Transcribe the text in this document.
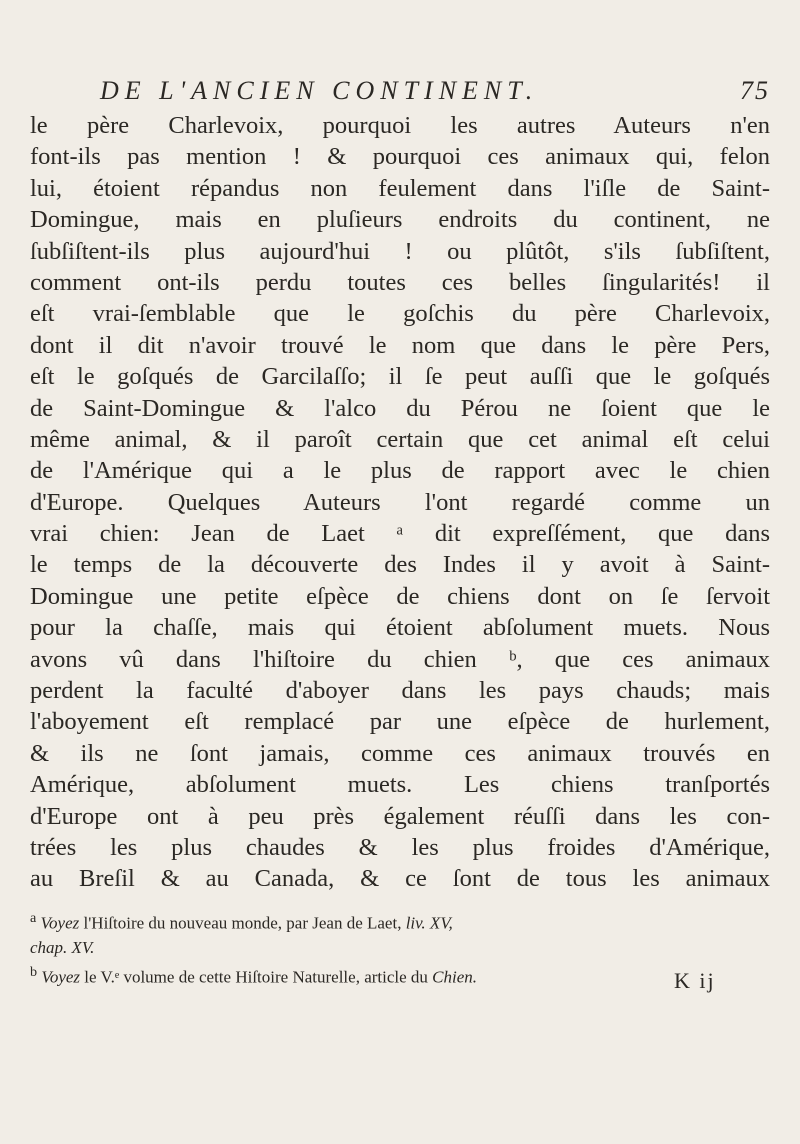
DE L'ANCIEN CONTINENT.	75
le père Charlevoix, pourquoi les autres Auteurs n'en
font-ils pas mention ! & pourquoi ces animaux qui, felon
lui, étoient répandus non feulement dans l'iſle de Saint-
Domingue, mais en pluſieurs endroits du continent, ne
ſubſiſtent-ils plus aujourd'hui ! ou plûtôt, s'ils ſubſiſtent,
comment ont-ils perdu toutes ces belles ſingularités! il
eſt vrai-ſemblable que le goſchis du père Charlevoix,
dont il dit n'avoir trouvé le nom que dans le père Pers,
eſt le goſqués de Garcilaſſo; il ſe peut auſſi que le goſqués
de Saint-Domingue & l'alco du Pérou ne ſoient que le
même animal, & il paroît certain que cet animal eſt celui
de l'Amérique qui a le plus de rapport avec le chien
d'Europe. Quelques Auteurs l'ont regardé comme un
vrai chien: Jean de Laet ᵃ dit expreſſément, que dans
le temps de la découverte des Indes il y avoit à Saint-
Domingue une petite eſpèce de chiens dont on ſe ſervoit
pour la chaſſe, mais qui étoient abſolument muets. Nous
avons vû dans l'hiſtoire du chien ᵇ, que ces animaux
perdent la faculté d'aboyer dans les pays chauds; mais
l'aboyement eſt remplacé par une eſpèce de hurlement,
& ils ne ſont jamais, comme ces animaux trouvés en
Amérique, abſolument muets. Les chiens tranſportés
d'Europe ont à peu près également réuſſi dans les con-
trées les plus chaudes & les plus froides d'Amérique,
au Breſil & au Canada, & ce ſont de tous les animaux
$^a$ Voyez l'Hiſtoire du nouveau monde, par Jean de Laet, liv. XV,
chap. XV.
$^b$ Voyez le V.ᵉ volume de cette Hiſtoire Naturelle, article du Chien.	K ij
